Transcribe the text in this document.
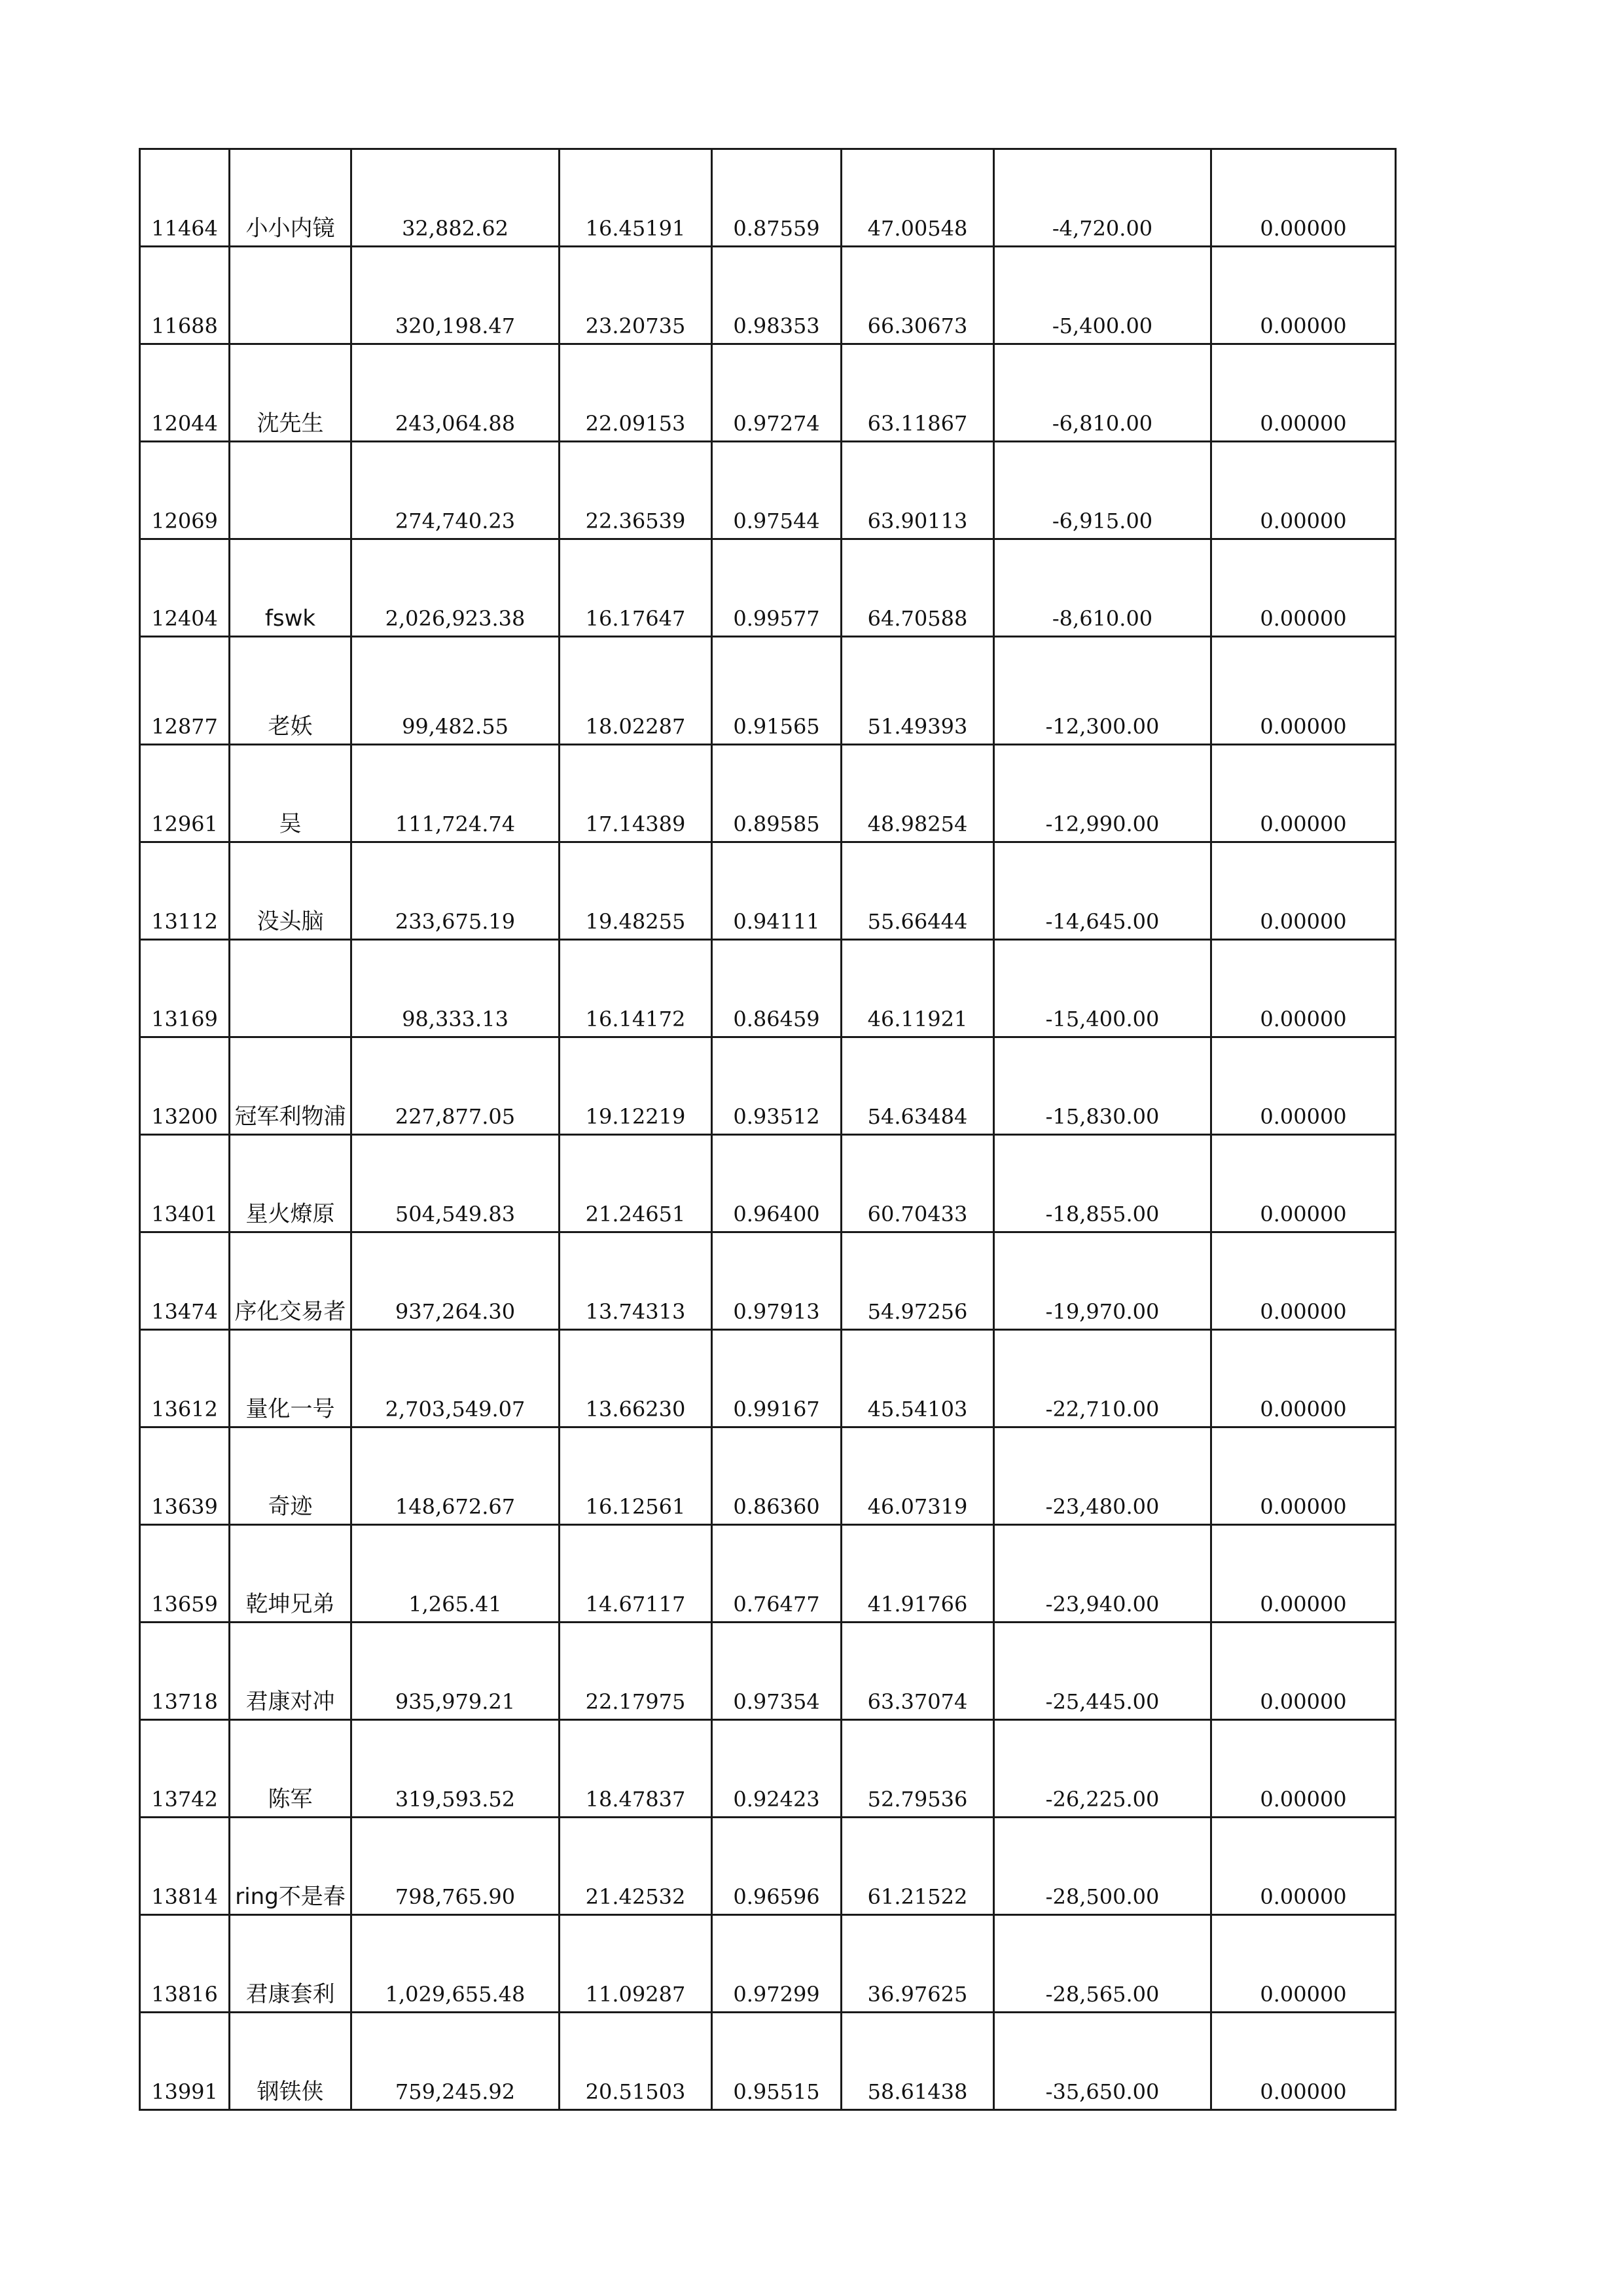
11464	小小内镜	32,882.62	16.45191	0.87559	47.00548	-4,720.00	0.00000
11688		320,198.47	23.20735	0.98353	66.30673	-5,400.00	0.00000
12044	沈先生	243,064.88	22.09153	0.97274	63.11867	-6,810.00	0.00000
12069		274,740.23	22.36539	0.97544	63.90113	-6,915.00	0.00000
12404	fswk	2,026,923.38	16.17647	0.99577	64.70588	-8,610.00	0.00000
12877	老妖	99,482.55	18.02287	0.91565	51.49393	-12,300.00	0.00000
12961	吴	111,724.74	17.14389	0.89585	48.98254	-12,990.00	0.00000
13112	没头脑	233,675.19	19.48255	0.94111	55.66444	-14,645.00	0.00000
13169		98,333.13	16.14172	0.86459	46.11921	-15,400.00	0.00000
13200	冠军利物浦	227,877.05	19.12219	0.93512	54.63484	-15,830.00	0.00000
13401	星火燎原	504,549.83	21.24651	0.96400	60.70433	-18,855.00	0.00000
13474	序化交易者	937,264.30	13.74313	0.97913	54.97256	-19,970.00	0.00000
13612	量化一号	2,703,549.07	13.66230	0.99167	45.54103	-22,710.00	0.00000
13639	奇迹	148,672.67	16.12561	0.86360	46.07319	-23,480.00	0.00000
13659	乾坤兄弟	1,265.41	14.67117	0.76477	41.91766	-23,940.00	0.00000
13718	君康对冲	935,979.21	22.17975	0.97354	63.37074	-25,445.00	0.00000
13742	陈军	319,593.52	18.47837	0.92423	52.79536	-26,225.00	0.00000
13814	ring不是春	798,765.90	21.42532	0.96596	61.21522	-28,500.00	0.00000
13816	君康套利	1,029,655.48	11.09287	0.97299	36.97625	-28,565.00	0.00000
13991	钢铁侠	759,245.92	20.51503	0.95515	58.61438	-35,650.00	0.00000
